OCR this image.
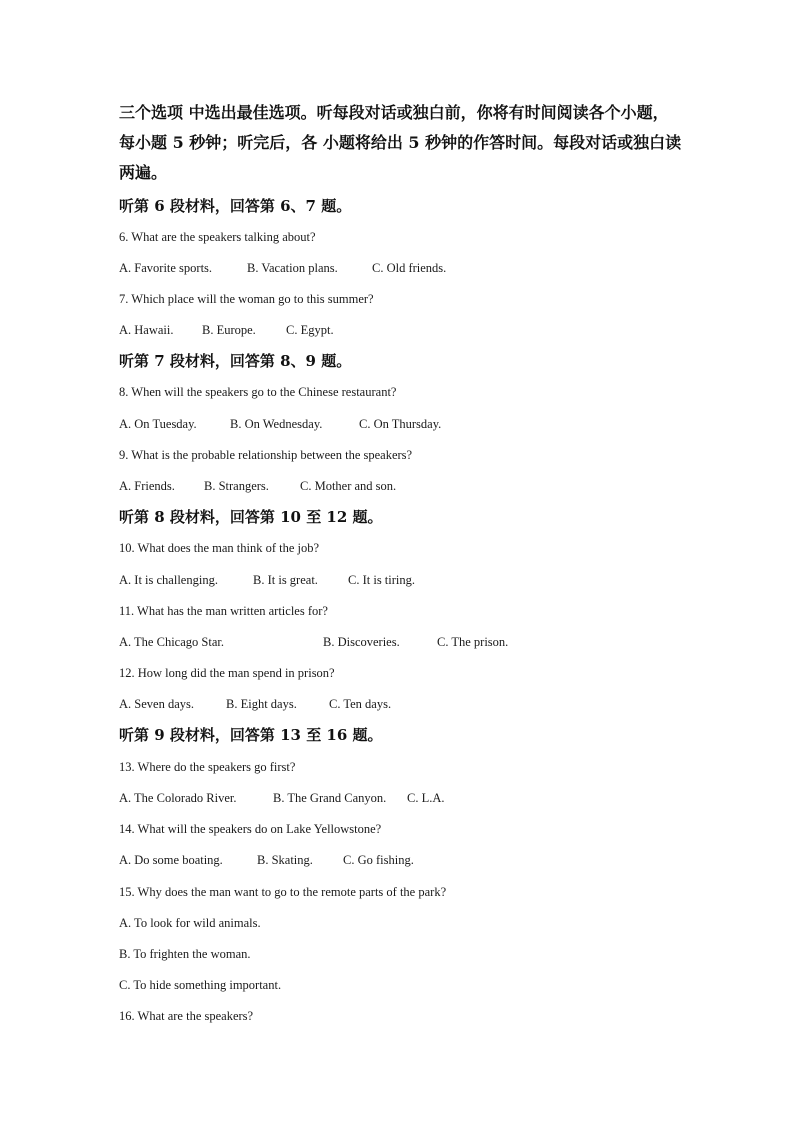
三个选项 中选出最佳选项。听每段对话或独白前，你将有时间阅读各个小题，
每小题 5 秒钟；听完后，各 小题将给出 5 秒钟的作答时间。每段对话或独白读
两遍。
听第 6 段材料，回答第 6、7 题。
6. What are the speakers talking about?
A. Favorite sports.	B. Vacation plans.	C. Old friends.
7. Which place will the woman go to this summer?
A. Hawaii. B. Europe. C. Egypt.
听第 7 段材料，回答第 8、9 题。
8. When will the speakers go to the Chinese restaurant?
A. On Tuesday.	B. On Wednesday.	C. On Thursday.
9. What is the probable relationship between the speakers?
A. Friends. B. Strangers. C. Mother and son.
听第 8 段材料，回答第 10 至 12 题。
10. What does the man think of the job?
A. It is challenging.	B. It is great. C. It is tiring.
11. What has the man written articles for?
A. The Chicago Star.	B. Discoveries.	C. The prison.
12. How long did the man spend in prison?
A. Seven days.	B. Eight days.	C. Ten days.
听第 9 段材料，回答第 13 至 16 题。
13. Where do the speakers go first?
A. The Colorado River.	B. The Grand Canyon. C. L.A.
14. What will the speakers do on Lake Yellowstone?
A. Do some boating.	B. Skating. C. Go fishing.
15. Why does the man want to go to the remote parts of the park?
A. To look for wild animals.
B. To frighten the woman.
C. To hide something important.
16. What are the speakers?
